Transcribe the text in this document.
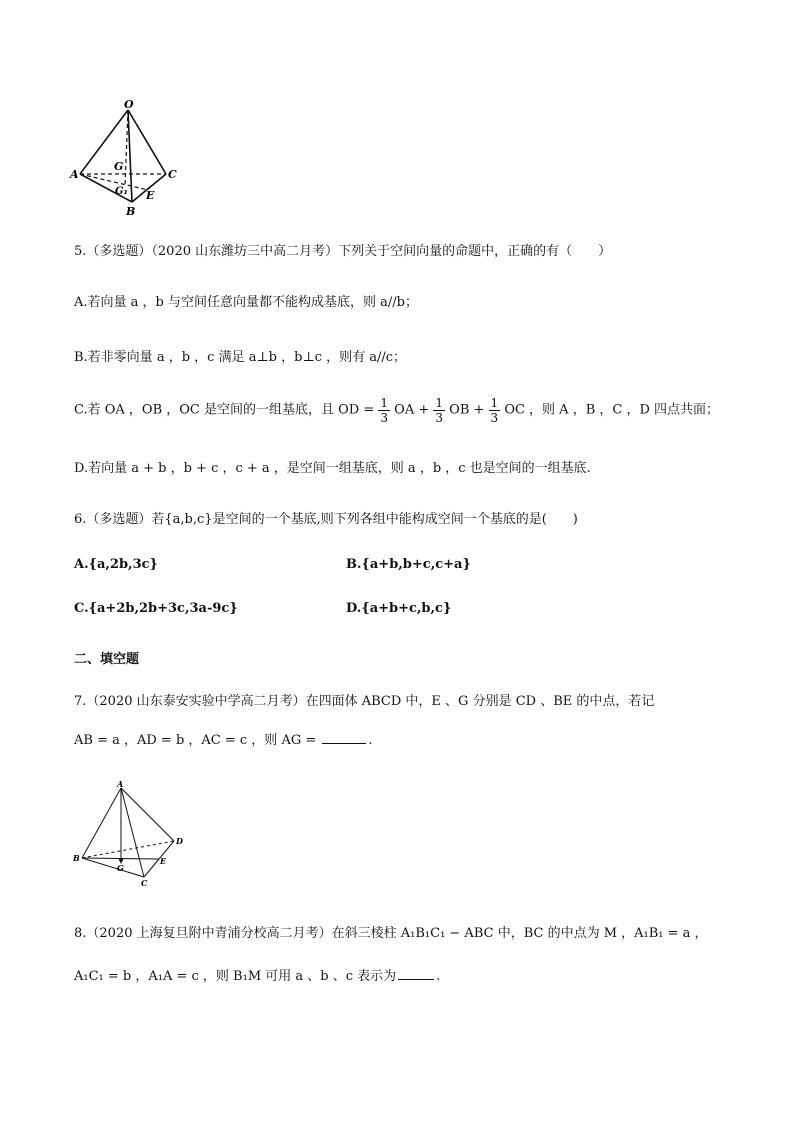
O
A	C
B
G
G₁ E
5.（多选题）（2020 山东潍坊三中高二月考）下列关于空间向量的命题中，正确的有（　　）
A.若向量 a ，b 与空间任意向量都不能构成基底，则 a//b；
B.若非零向量 a ，b ，c 满足 a⊥b ，b⊥c ，则有 a//c；
C.若 OA ，OB ，OC 是空间的一组基底，且 OD = $\frac{1}{3}$ OA + $\frac{1}{3}$ OB + $\frac{1}{3}$ OC ，则 A ，B ，C ，D 四点共面；
D.若向量 a + b ，b + c ，c + a ，是空间一组基底，则 a ，b ，c 也是空间的一组基底.
6.（多选题）若{a,b,c}是空间的一个基底,则下列各组中能构成空间一个基底的是(　　)
A.{a,2b,3c}	B.{a+b,b+c,c+a}
C.{a+2b,2b+3c,3a-9c}	D.{a+b+c,b,c}
二、填空题
7.（2020 山东泰安实验中学高二月考）在四面体 ABCD 中，E 、G 分别是 CD 、BE 的中点，若记
AB = a ，AD = b ，AC = c ，则 AG =	.
A
B
C
D
E
G
8.（2020 上海复旦附中青浦分校高二月考）在斜三棱柱 A₁B₁C₁ − ABC 中，BC 的中点为 M ，A₁B₁ = a ，
A₁C₁ = b ，A₁A = c ，则 B₁M 可用 a 、b 、c 表示为	.
